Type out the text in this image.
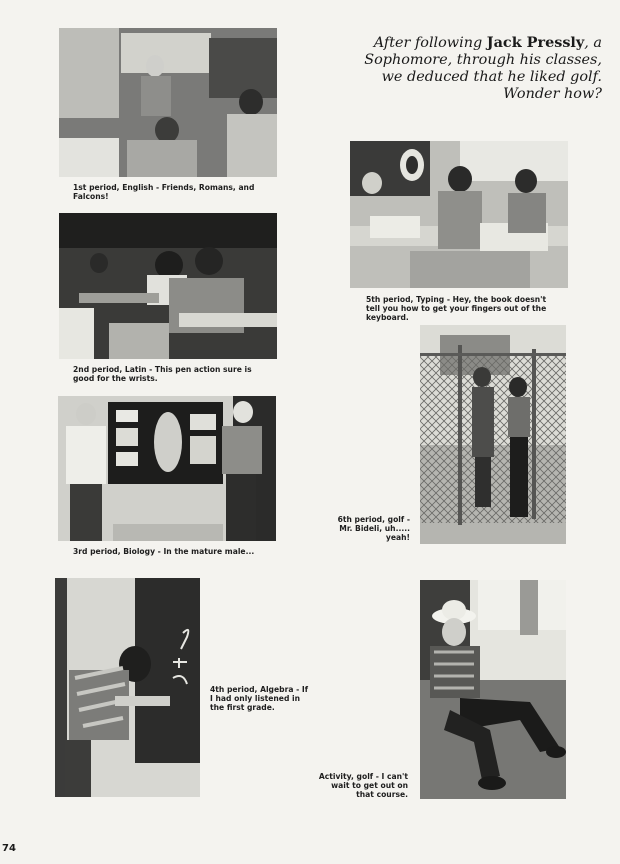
After following Jack Pressly, a Sophomore, through his classes, we deduced that he liked golf. Wonder how?
1st period, English - Friends, Romans, and
Falcons!
2nd period, Latin - This pen action sure is
good for the wrists.
3rd period, Biology - In the mature male...
4th period, Algebra - If
I had only listened in
the first grade.
5th period, Typing - Hey, the book doesn't
tell you how to get your fingers out of the
keyboard.
6th period, golf -
Mr. Bideli, uh.....
yeah!
Activity, golf - I can't
wait to get out on
that course.
74
